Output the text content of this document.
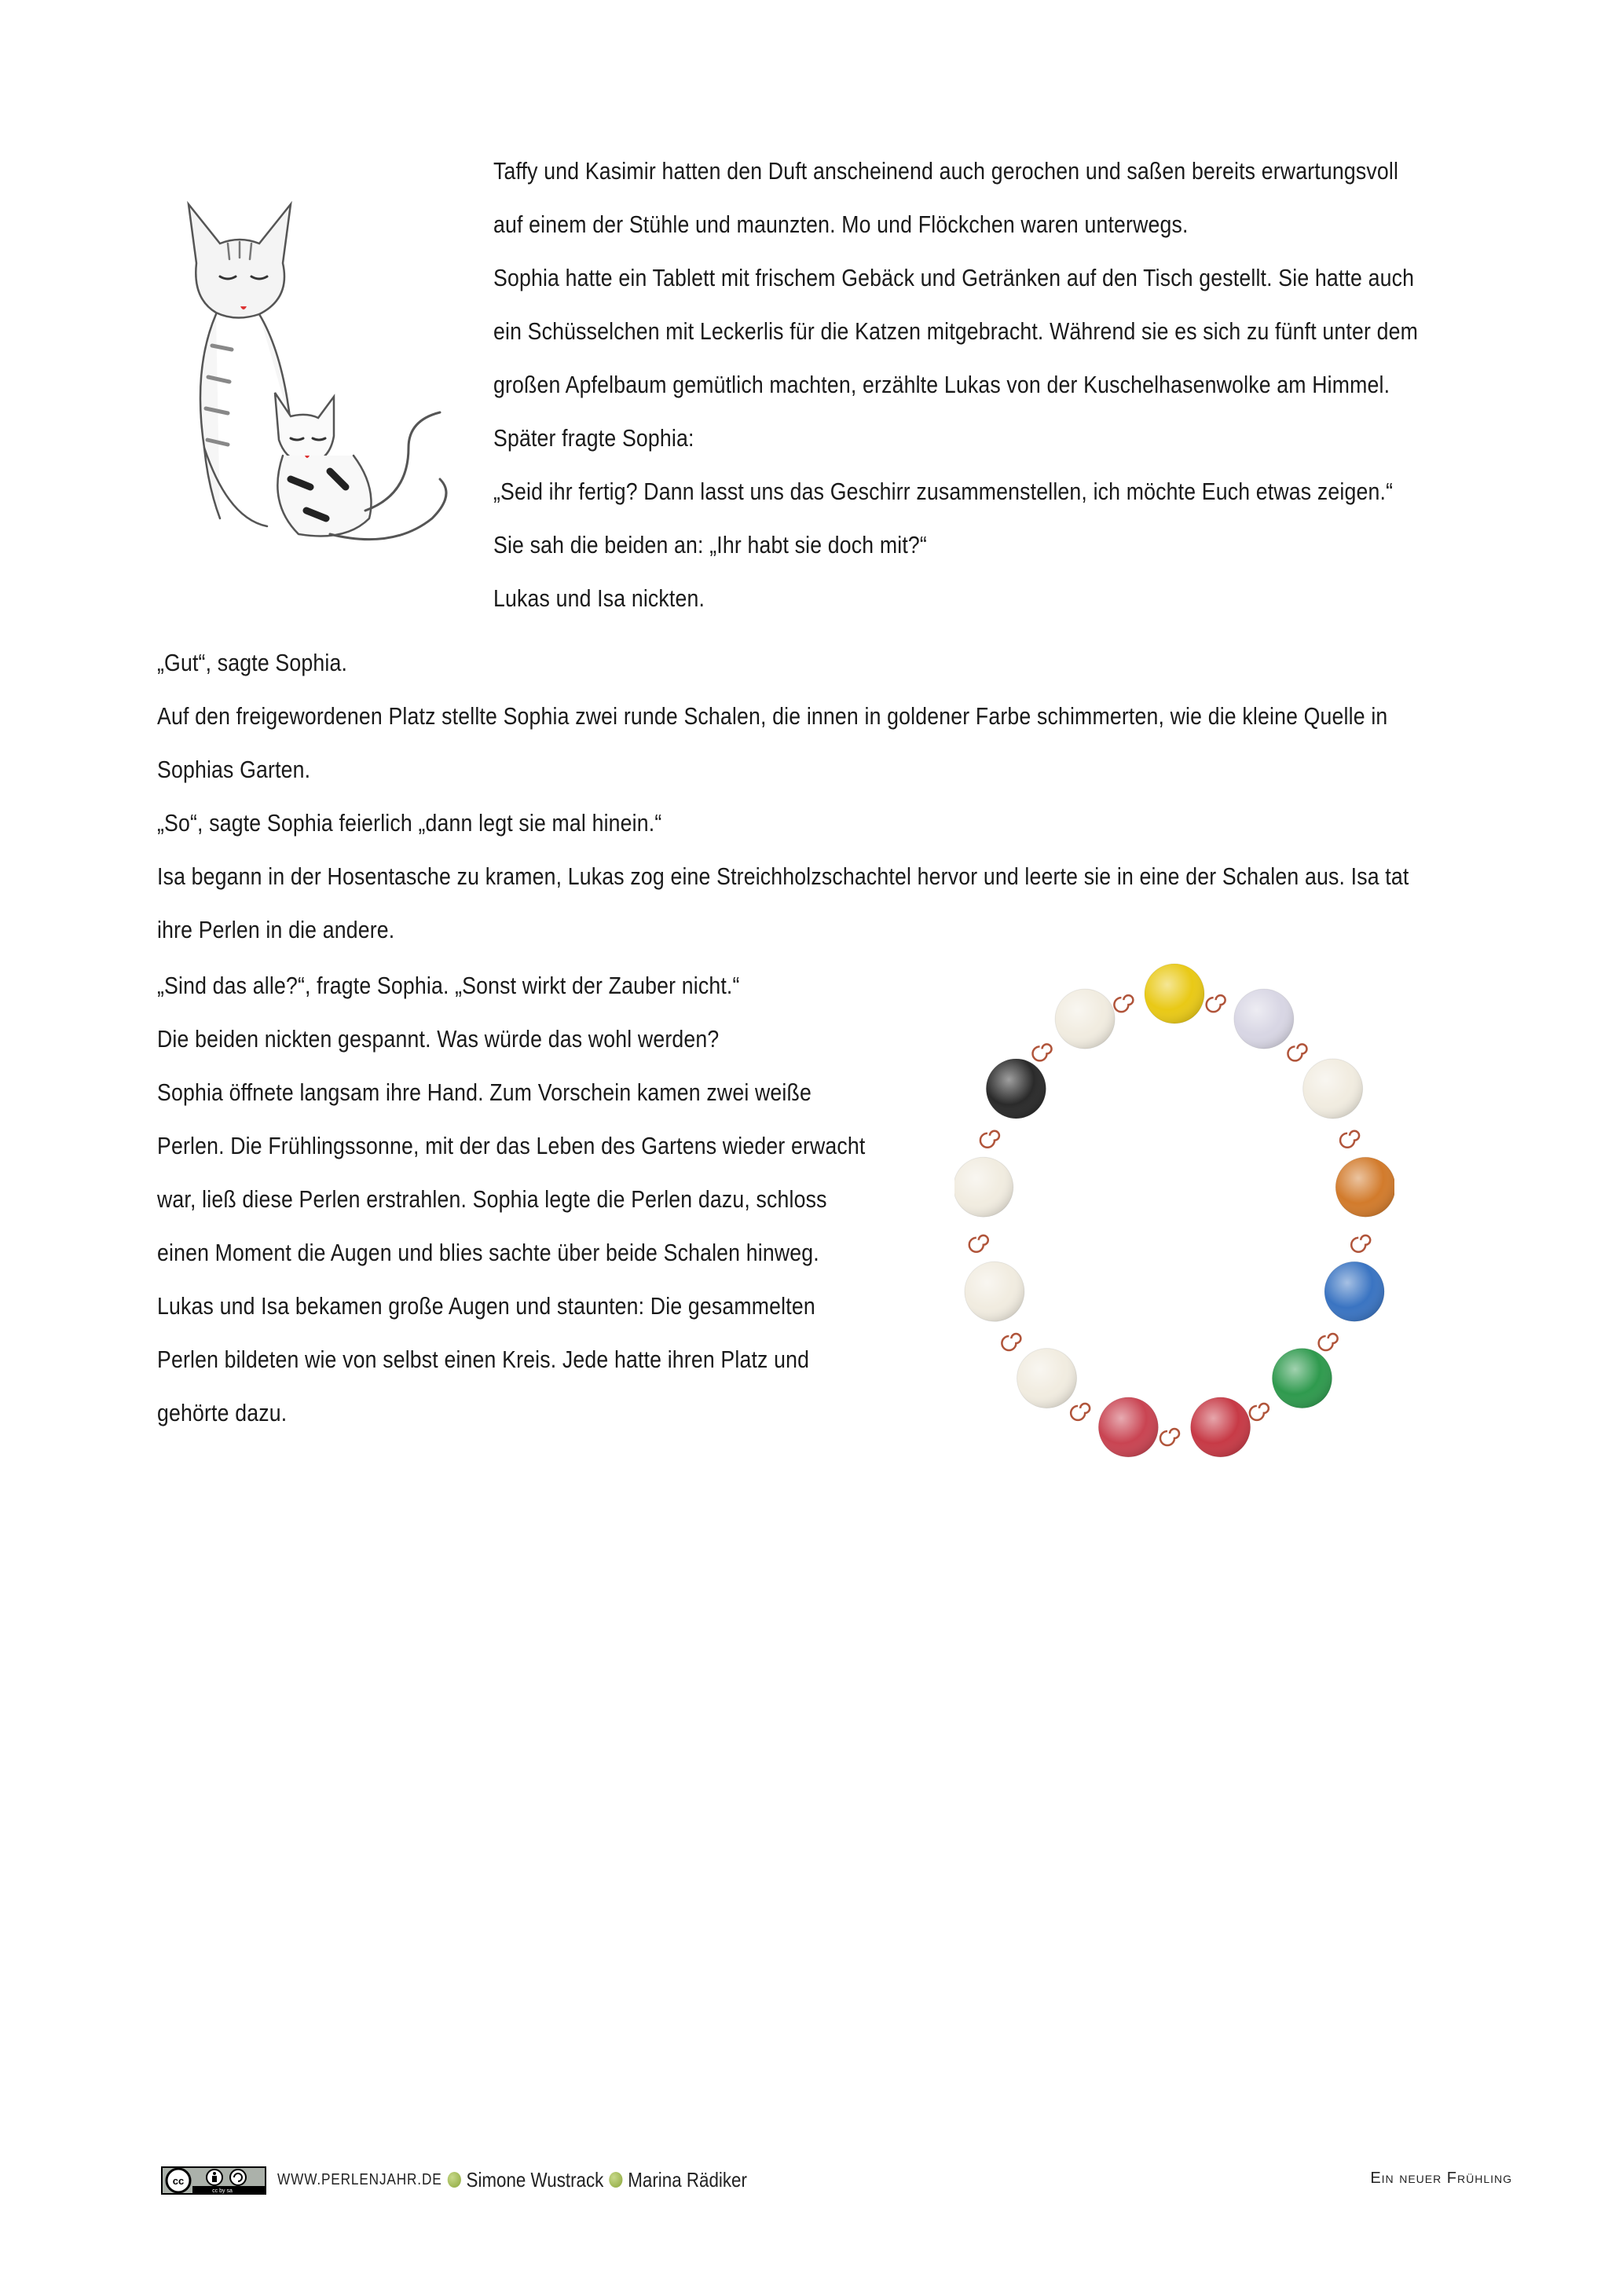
Taffy und Kasimir hatten den Duft anscheinend auch gerochen und saßen bereits erwartungsvoll

auf einem der Stühle und maunzten. Mo und Flöckchen waren unterwegs.

Sophia hatte ein Tablett mit frischem Gebäck und Getränken auf den Tisch gestellt. Sie hatte auch

ein Schüsselchen mit Leckerlis für die Katzen mitgebracht. Während sie es sich zu fünft unter dem

großen Apfelbaum gemütlich machten, erzählte Lukas von der Kuschelhasenwolke am Himmel.

Später fragte Sophia:

„Seid ihr fertig? Dann lasst uns das Geschirr zusammenstellen, ich möchte Euch etwas zeigen.“

Sie sah die beiden an: „Ihr habt sie doch mit?“

Lukas und Isa nickten.

„Gut“, sagte Sophia.

Auf den freigewordenen Platz stellte Sophia zwei runde Schalen, die innen in goldener Farbe schimmerten, wie die kleine Quelle in

Sophias Garten.

„So“, sagte Sophia feierlich „dann legt sie mal hinein.“

Isa begann in der Hosentasche zu kramen, Lukas zog eine Streichholzschachtel hervor und leerte sie in eine der Schalen aus. Isa tat

ihre Perlen in die andere.

„Sind das alle?“, fragte Sophia. „Sonst wirkt der Zauber nicht.“

Die beiden nickten gespannt. Was würde das wohl werden?

Sophia öffnete langsam ihre Hand. Zum Vorschein kamen zwei weiße

Perlen. Die Frühlingssonne, mit der das Leben des Gartens wieder erwacht

war, ließ diese Perlen erstrahlen. Sophia legte die Perlen dazu, schloss

einen Moment die Augen und blies sachte über beide Schalen hinweg.

Lukas und Isa bekamen große Augen und staunten: Die gesammelten

Perlen bildeten wie von selbst einen Kreis. Jede hatte ihren Platz und

gehörte dazu.

cc
cc by sa
WWW.PERLENJAHR.DE Simone Wustrack Marina Rädiker	Ein neuer Frühling
